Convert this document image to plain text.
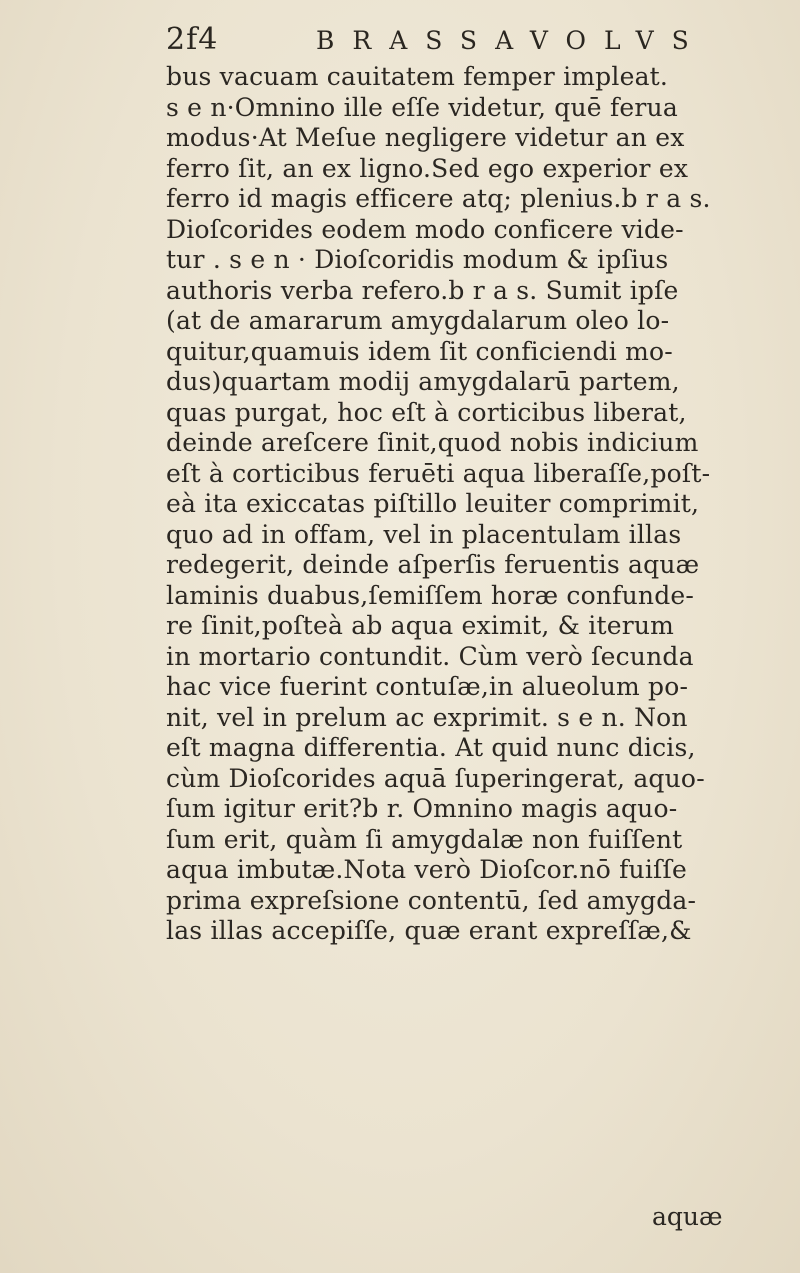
2f4	BRASSAVOLVS
bus vacuam cauitatem femper impleat.
s e n·Omnino ille eſſe videtur, quē ferua
modus·At Meſue negligere videtur an ex
ferro ſit, an ex ligno.Sed ego experior ex
ferro id magis efficere atq; plenius.b r a s.
Dioſcorides eodem modo conficere vide-
tur . s e n · Dioſcoridis modum & ipſius
authoris verba refero.b r a s. Sumit ipſe
(at de amararum amygdalarum oleo lo-
quitur,quamuis idem ſit conficiendi mo-
dus)quartam modij amygdalarū partem,
quas purgat, hoc eſt à corticibus liberat,
deinde areſcere ſinit,quod nobis indicium
eſt à corticibus feruēti aqua liberaſſe,poſt-
eà ita exiccatas piſtillo leuiter comprimit,
quo ad in offam, vel in placentulam illas
redegerit, deinde aſperſis feruentis aquæ
laminis duabus,ſemiſſem horæ confunde-
re ſinit,poſteà ab aqua eximit, & iterum
in mortario contundit. Cùm verò ſecunda
hac vice fuerint contuſæ,in alueolum po-
nit, vel in prelum ac exprimit. s e n. Non
eſt magna differentia. At quid nunc dicis,
cùm Dioſcorides aquā ſuperingerat, aquo-
ſum igitur erit?b r. Omnino magis aquo-
ſum erit, quàm ſi amygdalæ non fuiſſent
aqua imbutæ.Nota verò Dioſcor.nō fuiſſe
prima expreſsione contentū, ſed amygda-
las illas accepiſſe, quæ erant expreſſæ,&
aquæ
